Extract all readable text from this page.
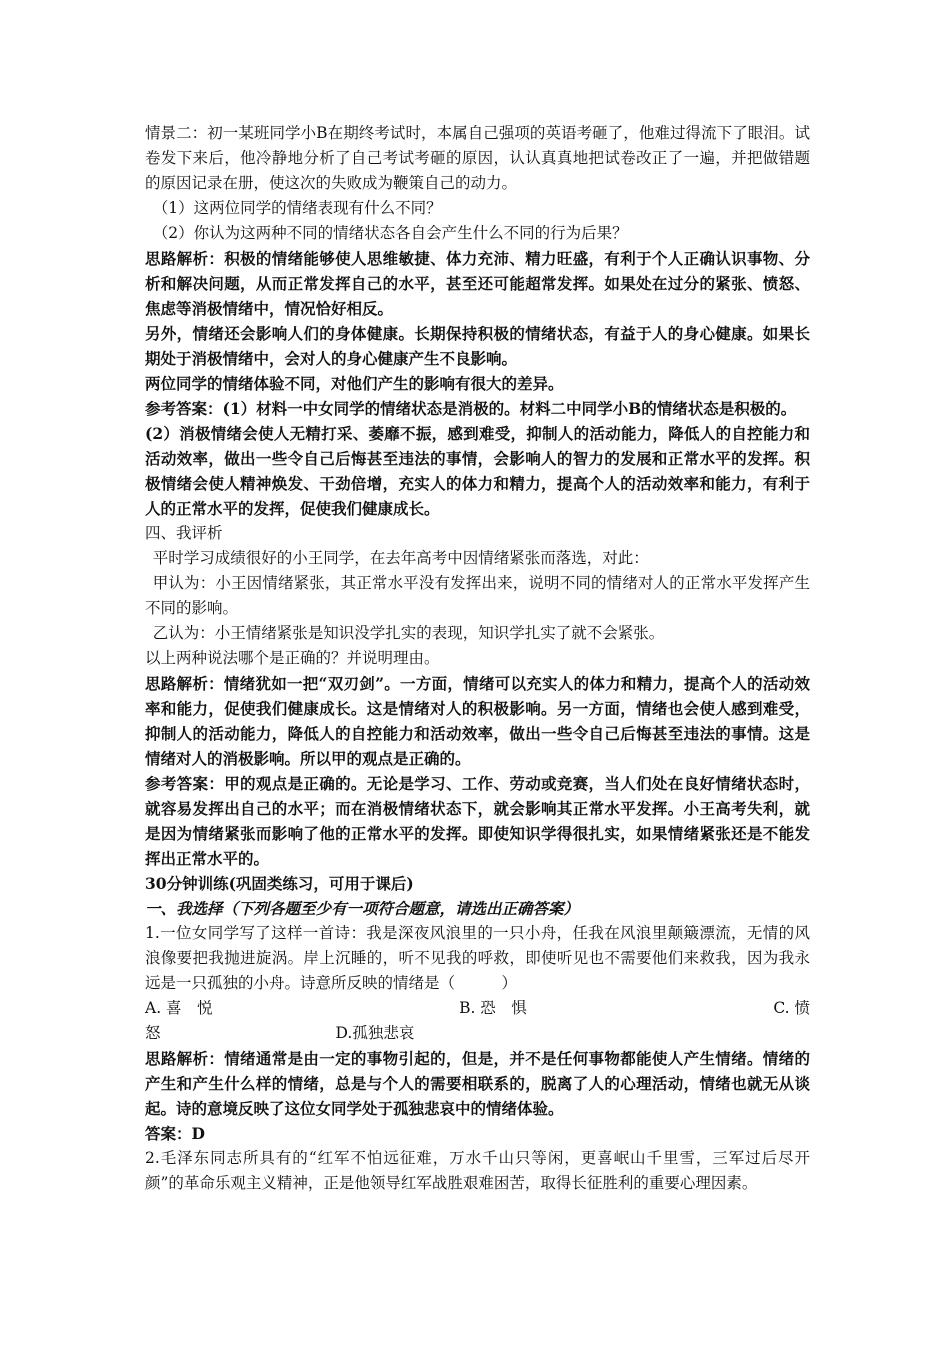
情景二：初一某班同学小B在期终考试时，本属自己强项的英语考砸了，他难过得流下了眼泪。试卷发下来后，他冷静地分析了自己考试考砸的原因，认认真真地把试卷改正了一遍，并把做错题的原因记录在册，使这次的失败成为鞭策自己的动力。

（1）这两位同学的情绪表现有什么不同？

（2）你认为这两种不同的情绪状态各自会产生什么不同的行为后果？

思路解析：积极的情绪能够使人思维敏捷、体力充沛、精力旺盛，有利于个人正确认识事物、分析和解决问题，从而正常发挥自己的水平，甚至还可能超常发挥。如果处在过分的紧张、愤怒、焦虑等消极情绪中，情况恰好相反。

另外，情绪还会影响人们的身体健康。长期保持积极的情绪状态，有益于人的身心健康。如果长期处于消极情绪中，会对人的身心健康产生不良影响。

两位同学的情绪体验不同，对他们产生的影响有很大的差异。

参考答案：(1）材料一中女同学的情绪状态是消极的。材料二中同学小B的情绪状态是积极的。

(2）消极情绪会使人无精打采、萎靡不振，感到难受，抑制人的活动能力，降低人的自控能力和活动效率，做出一些令自己后悔甚至违法的事情，会影响人的智力的发展和正常水平的发挥。积极情绪会使人精神焕发、干劲倍增，充实人的体力和精力，提高个人的活动效率和能力，有利于人的正常水平的发挥，促使我们健康成长。

四、我评析

平时学习成绩很好的小王同学，在去年高考中因情绪紧张而落选，对此：

甲认为：小王因情绪紧张，其正常水平没有发挥出来，说明不同的情绪对人的正常水平发挥产生不同的影响。

乙认为：小王情绪紧张是知识没学扎实的表现，知识学扎实了就不会紧张。

以上两种说法哪个是正确的？并说明理由。

思路解析：情绪犹如一把“双刃剑”。一方面，情绪可以充实人的体力和精力，提高个人的活动效率和能力，促使我们健康成长。这是情绪对人的积极影响。另一方面，情绪也会使人感到难受，抑制人的活动能力，降低人的自控能力和活动效率，做出一些令自己后悔甚至违法的事情。这是情绪对人的消极影响。所以甲的观点是正确的。

参考答案：甲的观点是正确的。无论是学习、工作、劳动或竞赛，当人们处在良好情绪状态时，就容易发挥出自己的水平；而在消极情绪状态下，就会影响其正常水平发挥。小王高考失利，就是因为情绪紧张而影响了他的正常水平的发挥。即使知识学得很扎实，如果情绪紧张还是不能发挥出正常水平的。

30分钟训练(巩固类练习，可用于课后)

一、我选择（下列各题至少有一项符合题意，请选出正确答案）

1.一位女同学写了这样一首诗：我是深夜风浪里的一只小舟，任我在风浪里颠簸漂流，无情的风浪像要把我抛进旋涡。岸上沉睡的，听不见我的呼救，即使听见也不需要他们来救我，因为我永远是一只孤独的小舟。诗意所反映的情绪是（　　　）

A. 喜　悦	B. 恐　惧	C. 愤

怒	D.孤独悲哀

思路解析：情绪通常是由一定的事物引起的，但是，并不是任何事物都能使人产生情绪。情绪的产生和产生什么样的情绪，总是与个人的需要相联系的，脱离了人的心理活动，情绪也就无从谈起。诗的意境反映了这位女同学处于孤独悲哀中的情绪体验。

答案：D

2.毛泽东同志所具有的“红军不怕远征难，万水千山只等闲，更喜岷山千里雪，三军过后尽开颜”的革命乐观主义精神，正是他领导红军战胜艰难困苦，取得长征胜利的重要心理因素。
